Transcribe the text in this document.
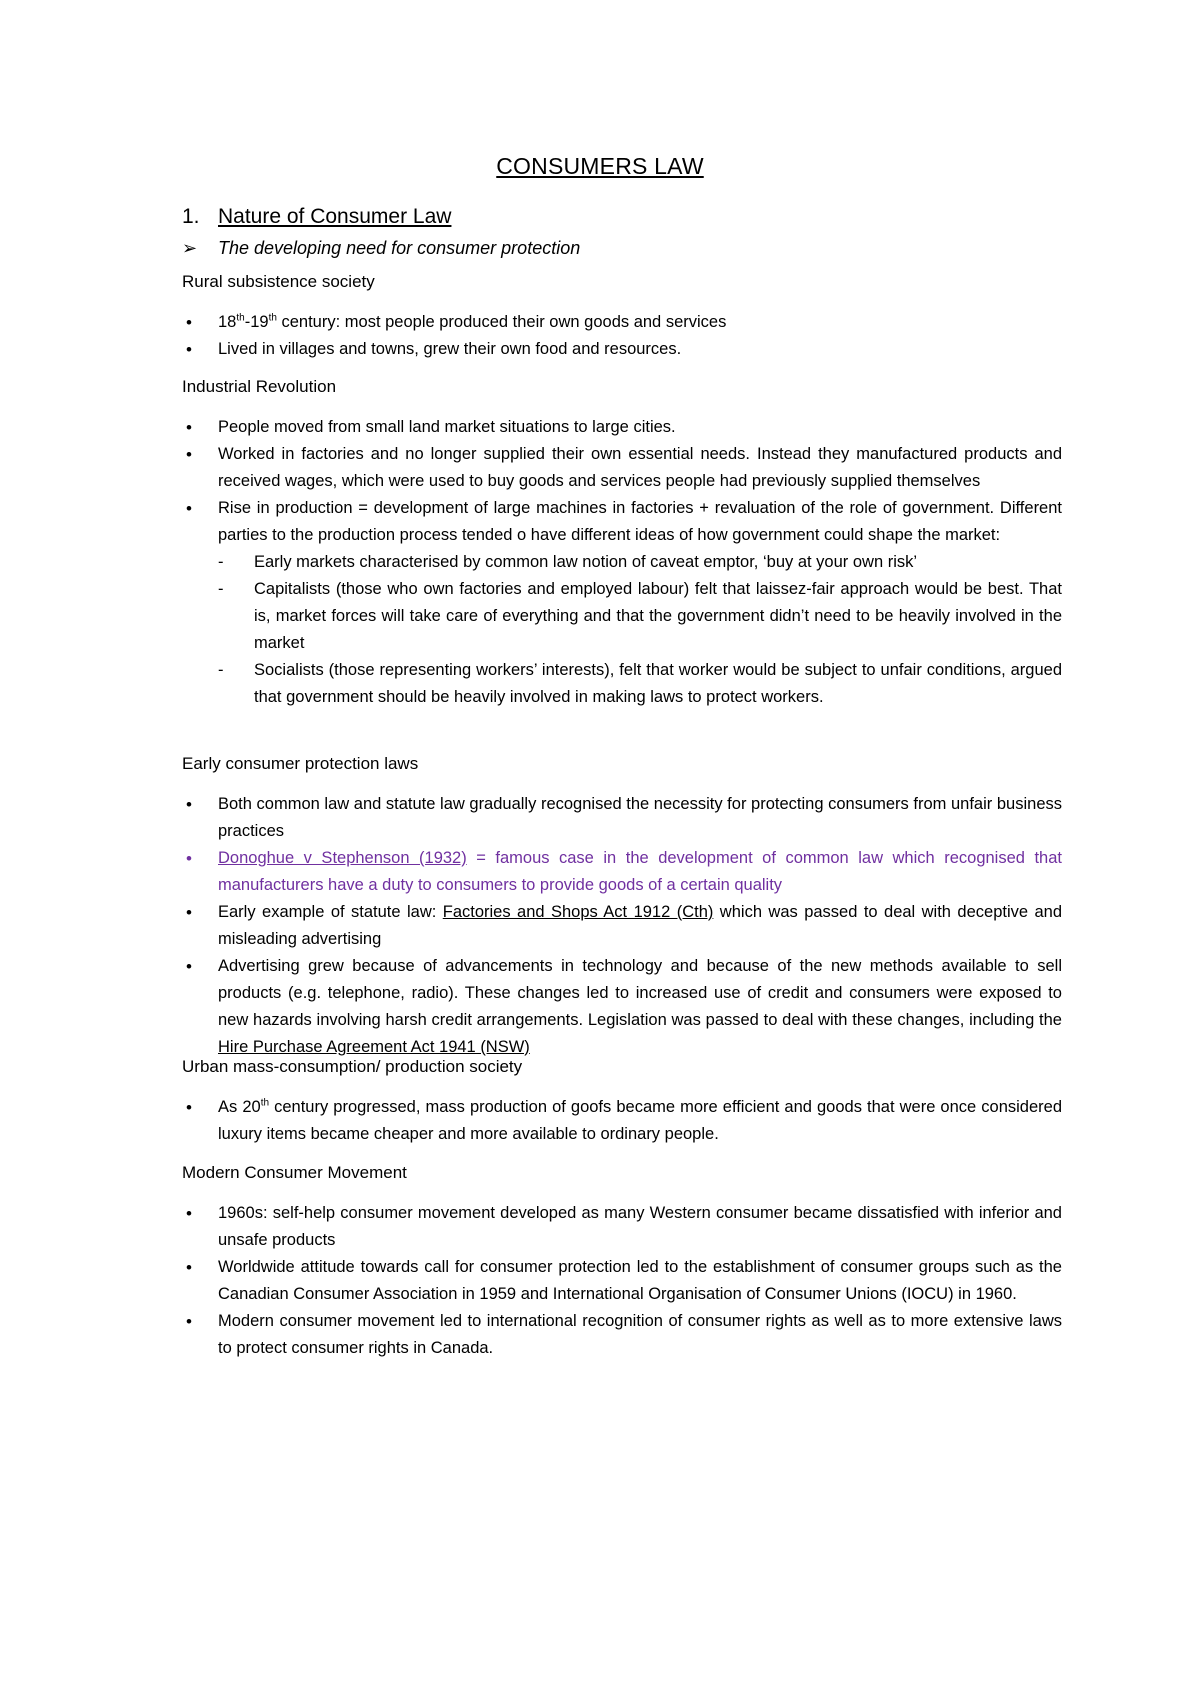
CONSUMERS LAW
1. Nature of Consumer Law
➢ The developing need for consumer protection
Rural subsistence society
• 18th-19th century: most people produced their own goods and services
• Lived in villages and towns, grew their own food and resources.
Industrial Revolution
• People moved from small land market situations to large cities.
• Worked in factories and no longer supplied their own essential needs. Instead they manufactured products and received wages, which were used to buy goods and services people had previously supplied themselves
• Rise in production = development of large machines in factories + revaluation of the role of government. Different parties to the production process tended o have different ideas of how government could shape the market:
- Early markets characterised by common law notion of caveat emptor, ‘buy at your own risk’
- Capitalists (those who own factories and employed labour) felt that laissez-fair approach would be best. That is, market forces will take care of everything and that the government didn’t need to be heavily involved in the market
- Socialists (those representing workers’ interests), felt that worker would be subject to unfair conditions, argued that government should be heavily involved in making laws to protect workers.
Early consumer protection laws
• Both common law and statute law gradually recognised the necessity for protecting consumers from unfair business practices
• Donoghue v Stephenson (1932) = famous case in the development of common law which recognised that manufacturers have a duty to consumers to provide goods of a certain quality
• Early example of statute law: Factories and Shops Act 1912 (Cth) which was passed to deal with deceptive and misleading advertising
• Advertising grew because of advancements in technology and because of the new methods available to sell products (e.g. telephone, radio). These changes led to increased use of credit and consumers were exposed to new hazards involving harsh credit arrangements. Legislation was passed to deal with these changes, including the Hire Purchase Agreement Act 1941 (NSW)
Urban mass-consumption/ production society
• As 20th century progressed, mass production of goofs became more efficient and goods that were once considered luxury items became cheaper and more available to ordinary people.
Modern Consumer Movement
• 1960s: self-help consumer movement developed as many Western consumer became dissatisfied with inferior and unsafe products
• Worldwide attitude towards call for consumer protection led to the establishment of consumer groups such as the Canadian Consumer Association in 1959 and International Organisation of Consumer Unions (IOCU) in 1960.
• Modern consumer movement led to international recognition of consumer rights as well as to more extensive laws to protect consumer rights in Canada.
